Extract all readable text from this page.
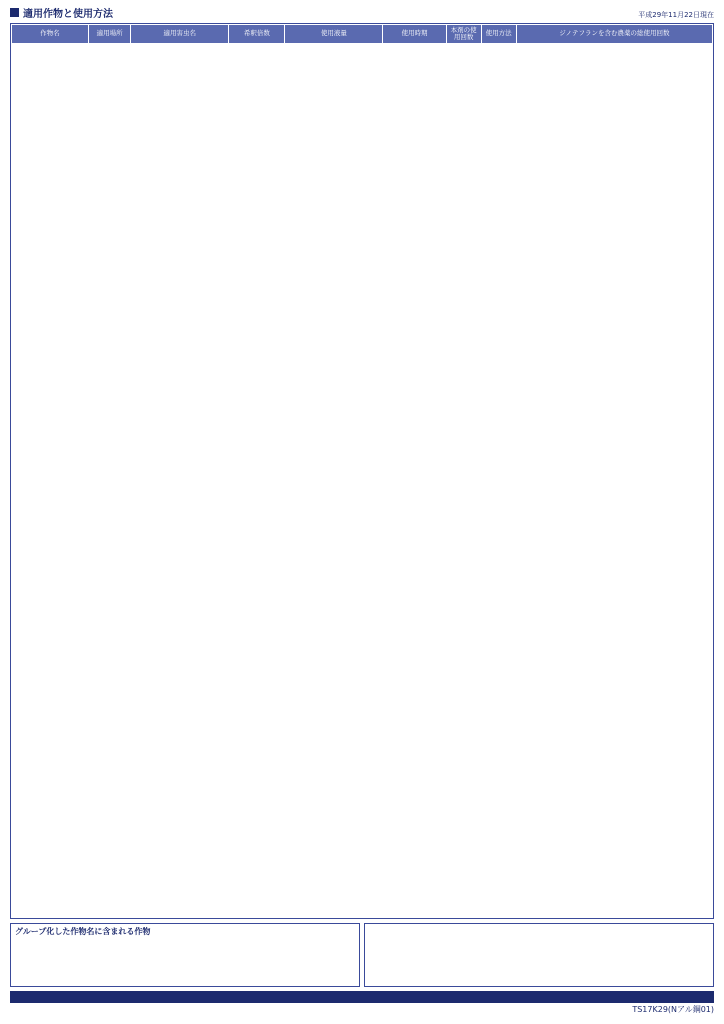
適用作物と使用方法	平成29年11月22日現在
作物名	適用場所	適用害虫名	希釈倍数	使用液量	使用時期	本剤の使用回数	使用方法	ジノテフランを含む農薬の総使用回数
グループ化した作物名に含まれる作物
TS17K29(Nアル鋼01)
